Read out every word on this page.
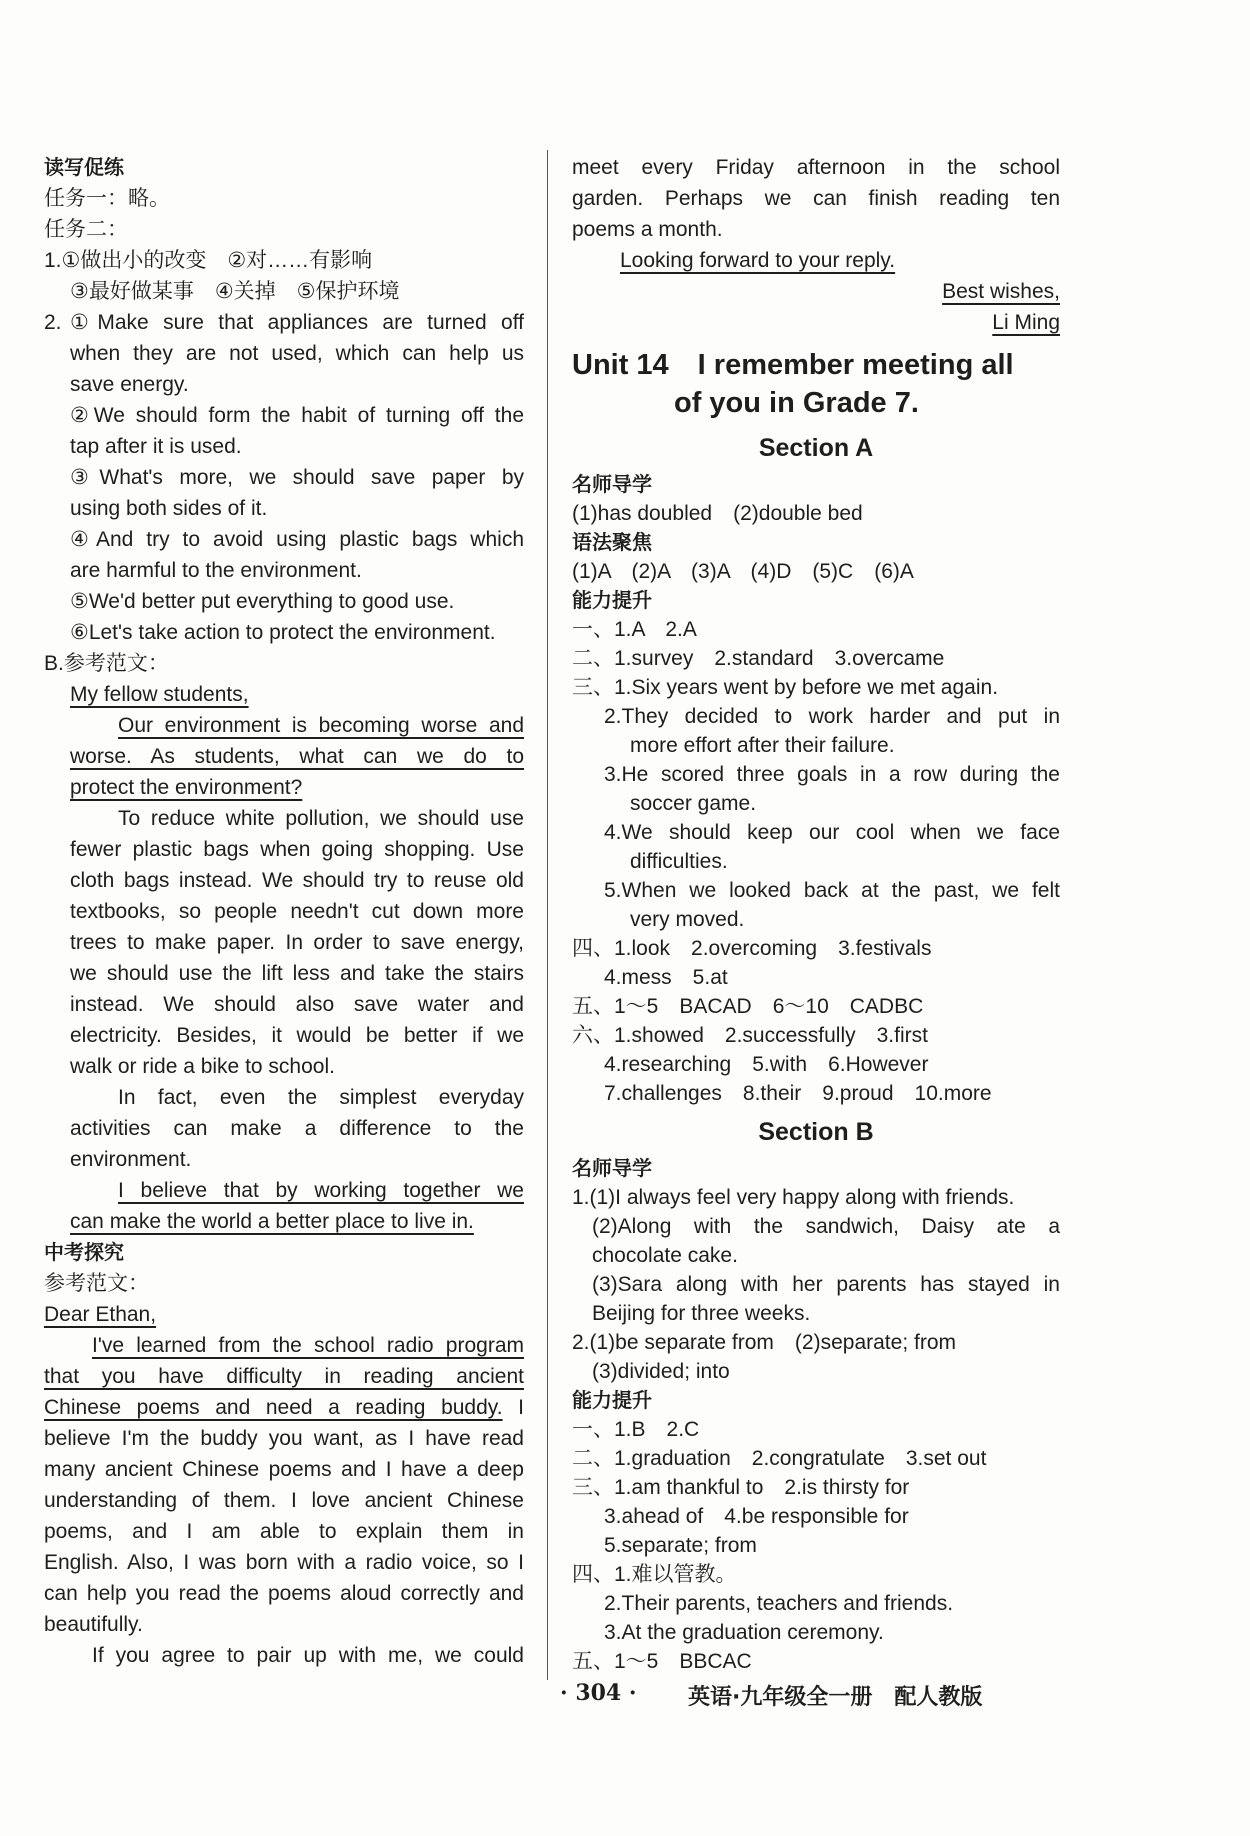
读写促练

任务一：略。

任务二：

1.①做出小的改变　②对……有影响

③最好做某事　④关掉　⑤保护环境

2.①Make sure that appliances are turned off

when they are not used, which can help us

save energy.

②We should form the habit of turning off the

tap after it is used.

③What's more, we should save paper by

using both sides of it.

④And try to avoid using plastic bags which

are harmful to the environment.

⑤We'd better put everything to good use.

⑥Let's take action to protect the environment.

B.参考范文：

My fellow students,

Our environment is becoming worse and

worse. As students, what can we do to

protect the environment?

To reduce white pollution, we should use

fewer plastic bags when going shopping. Use

cloth bags instead. We should try to reuse old

textbooks, so people needn't cut down more

trees to make paper. In order to save energy,

we should use the lift less and take the stairs

instead. We should also save water and

electricity. Besides, it would be better if we

walk or ride a bike to school.

In fact, even the simplest everyday

activities can make a difference to the

environment.

I believe that by working together we

can make the world a better place to live in.

中考探究

参考范文：

Dear Ethan,

I've learned from the school radio program

that you have difficulty in reading ancient

Chinese poems and need a reading buddy. I

believe I'm the buddy you want, as I have read

many ancient Chinese poems and I have a deep

understanding of them. I love ancient Chinese

poems, and I am able to explain them in

English. Also, I was born with a radio voice, so I

can help you read the poems aloud correctly and

beautifully.

If you agree to pair up with me, we could

meet every Friday afternoon in the school

garden. Perhaps we can finish reading ten

poems a month.

Looking forward to your reply.

Best wishes,

Li Ming

Unit 14　I remember meeting all

of you in Grade 7.

Section A

名师导学

(1)has doubled　(2)double bed

语法聚焦

(1)A　(2)A　(3)A　(4)D　(5)C　(6)A

能力提升

一、1.A　2.A

二、1.survey　2.standard　3.overcame

三、1.Six years went by before we met again.

2.They decided to work harder and put in

more effort after their failure.

3.He scored three goals in a row during the

soccer game.

4.We should keep our cool when we face

difficulties.

5.When we looked back at the past, we felt

very moved.

四、1.look　2.overcoming　3.festivals

4.mess　5.at

五、1～5　BACAD　6～10　CADBC

六、1.showed　2.successfully　3.first

4.researching　5.with　6.However

7.challenges　8.their　9.proud　10.more

Section B

名师导学

1.(1)I always feel very happy along with friends.

(2)Along with the sandwich, Daisy ate a

chocolate cake.

(3)Sara along with her parents has stayed in

Beijing for three weeks.

2.(1)be separate from　(2)separate; from

(3)divided; into

能力提升

一、1.B　2.C

二、1.graduation　2.congratulate　3.set out

三、1.am thankful to　2.is thirsty for

3.ahead of　4.be responsible for

5.separate; from

四、1.难以管教。

2.Their parents, teachers and friends.

3.At the graduation ceremony.

五、1～5　BBCAC

· 304 · 英语·九年级全一册　配人教版
